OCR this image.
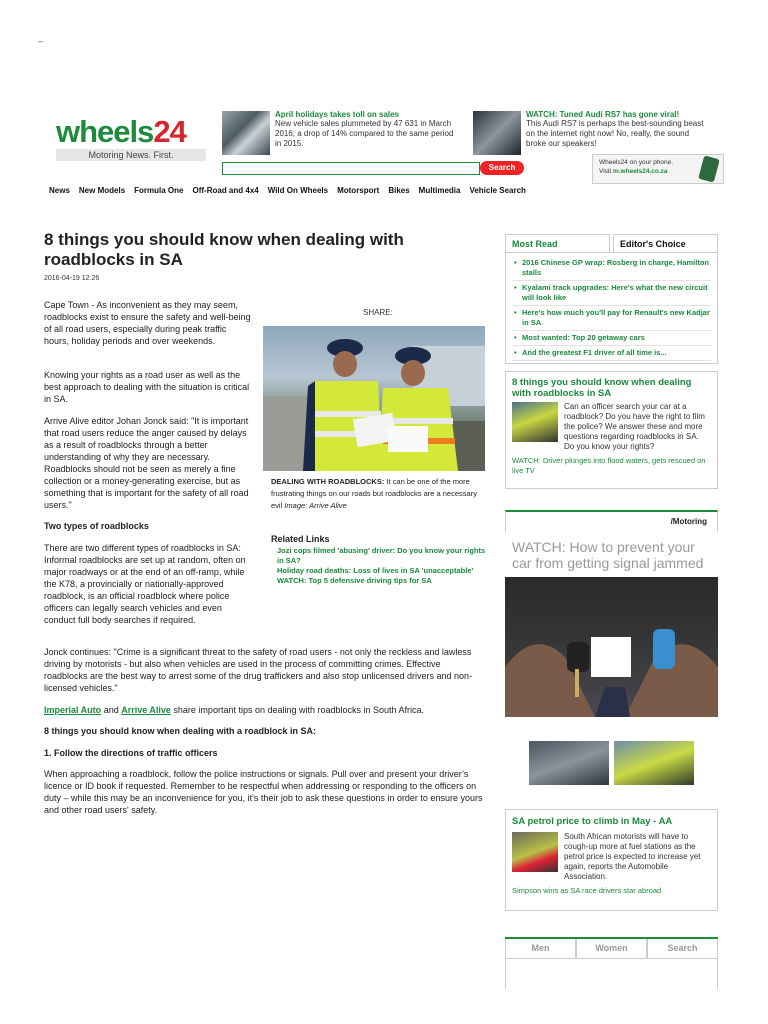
–
wheels24
Motoring News. First.
April holidays takes toll on sales
New vehicle sales plummeted by 47 631 in March 2016; a drop of 14% compared to the same period in 2015.
WATCH: Tuned Audi RS7 has gone viral!
This Audi RS7 is perhaps the best-sounding beast on the internet right now! No, really, the sound broke our speakers!
Search
Wheels24 on your phone.
Visit m.wheels24.co.za
News New Models Formula One Off-Road and 4x4 Wild On Wheels Motorsport Bikes Multimedia Vehicle Search
8 things you should know when dealing with roadblocks in SA
2016-04-19 12:26
Cape Town - As inconvenient as they may seem, roadblocks exist to ensure the safety and well-being of all road users, especially during peak traffic hours, holiday periods and over weekends.
Knowing your rights as a road user as well as the best approach to dealing with the situation is critical in SA.
Arrive Alive editor Johan Jonck said: "It is important that road users reduce the anger caused by delays as a result of roadblocks through a better understanding of why they are necessary. Roadblocks should not be seen as merely a fine collection or a money-generating exercise, but as something that is important for the safety of all road users."
Two types of roadblocks
There are two different types of roadblocks in SA: Informal roadblocks are set up at random, often on major roadways or at the end of an off-ramp, while the K78, a provincially or nationally-approved roadblock, is an official roadblock where police officers can legally search vehicles and even conduct full body searches if required.
Jonck continues: "Crime is a significant threat to the safety of road users - not only the reckless and lawless driving by motorists - but also when vehicles are used in the process of committing crimes. Effective roadblocks are the best way to arrest some of the drug traffickers and also stop unlicensed drivers and non-licensed vehicles."
Imperial Auto and Arrive Alive share important tips on dealing with roadblocks in South Africa.
8 things you should know when dealing with a roadblock in SA:
1. Follow the directions of traffic officers
When approaching a roadblock, follow the police instructions or signals. Pull over and present your driver’s licence or ID book if requested. Remember to be respectful when addressing or responding to the officers on duty – while this may be an inconvenience for you, it's their job to ask these questions in order to ensure yours and other road users' safety.
SHARE:
DEALING WITH ROADBLOCKS: It can be one of the more frustrating things on our roads but roadblocks are a necessary evil Image: Arrive Alive
Related Links
Jozi cops filmed 'abusing' driver: Do you know your rights in SA?
Holiday road deaths: Loss of lives in SA 'unacceptable'
WATCH: Top 5 defensive driving tips for SA
Most Read	Editor's Choice
• 2016 Chinese GP wrap: Rosberg in charge, Hamilton stalls
• Kyalami track upgrades: Here's what the new circuit will look like
• Here's how much you'll pay for Renault's new Kadjar in SA
• Most wanted: Top 20 getaway cars
• And the greatest F1 driver of all time is...
8 things you should know when dealing with roadblocks in SA
Can an officer search your car at a roadblock? Do you have the right to film the police? We answer these and more questions regarding roadblocks in SA. Do you know your rights?
WATCH: Driver plunges into flood waters, gets rescued on live TV
/Motoring
WATCH: How to prevent your car from getting signal jammed
SA petrol price to climb in May - AA
South African motorists will have to cough-up more at fuel stations as the petrol price is expected to increase yet again, reports the Automobile Association.
Simpson wins as SA race drivers star abroad
Men	Women	Search
